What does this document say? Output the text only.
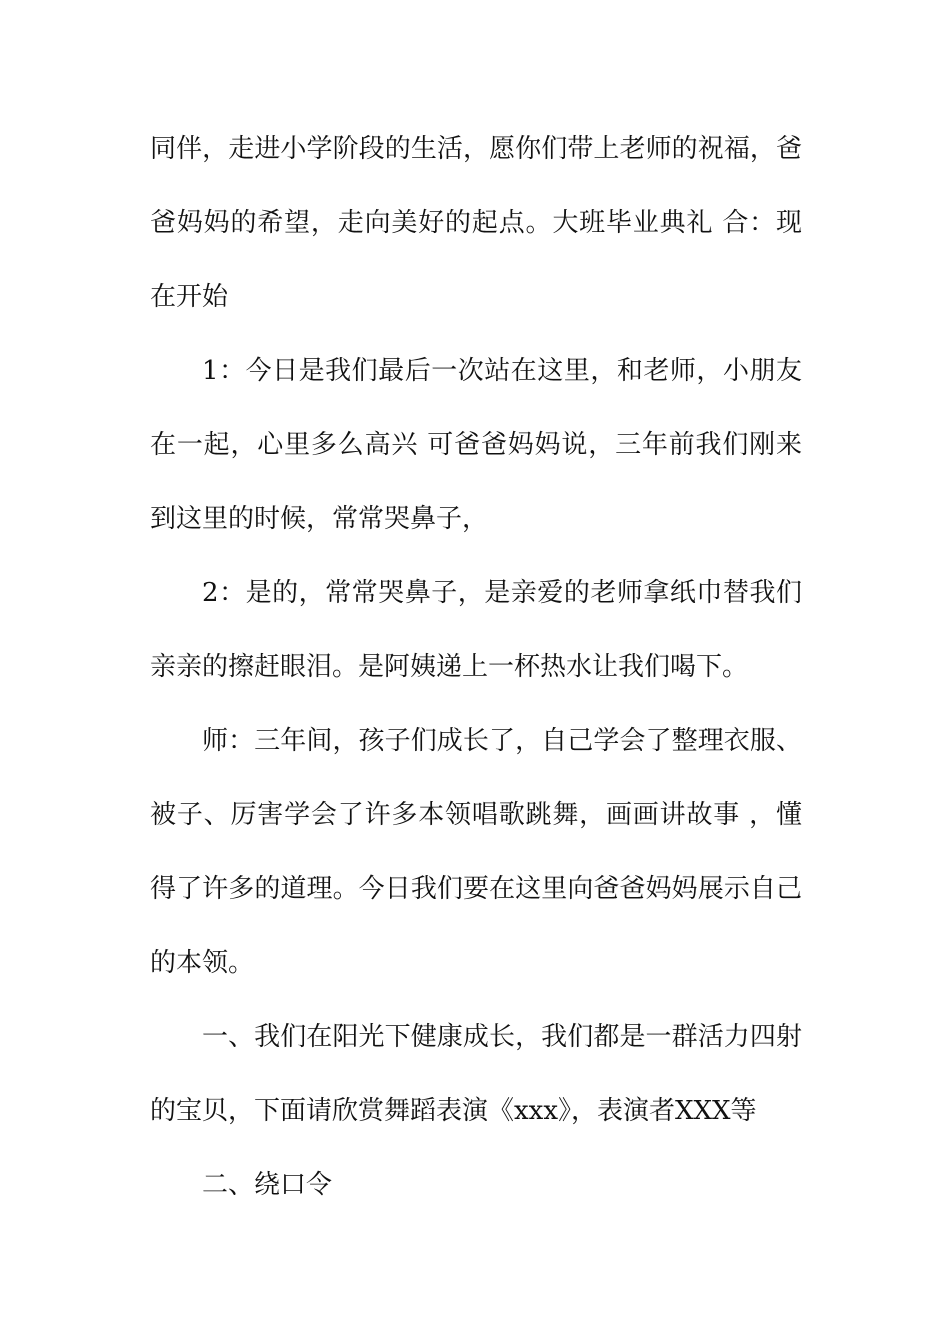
同伴，走进小学阶段的生活，愿你们带上老师的祝福，爸爸妈妈的希望，走向美好的起点。大班毕业典礼 合：现在开始

1：今日是我们最后一次站在这里，和老师，小朋友在一起，心里多么高兴 可爸爸妈妈说，三年前我们刚来到这里的时候，常常哭鼻子，

2：是的，常常哭鼻子，是亲爱的老师拿纸巾替我们亲亲的擦赶眼泪。是阿姨递上一杯热水让我们喝下。

师：三年间，孩子们成长了，自己学会了整理衣服、被子、厉害学会了许多本领唱歌跳舞，画画讲故事 ，懂得了许多的道理。今日我们要在这里向爸爸妈妈展示自己的本领。

一、我们在阳光下健康成长，我们都是一群活力四射的宝贝，下面请欣赏舞蹈表演《xxx》，表演者XXX等

二、绕口令
